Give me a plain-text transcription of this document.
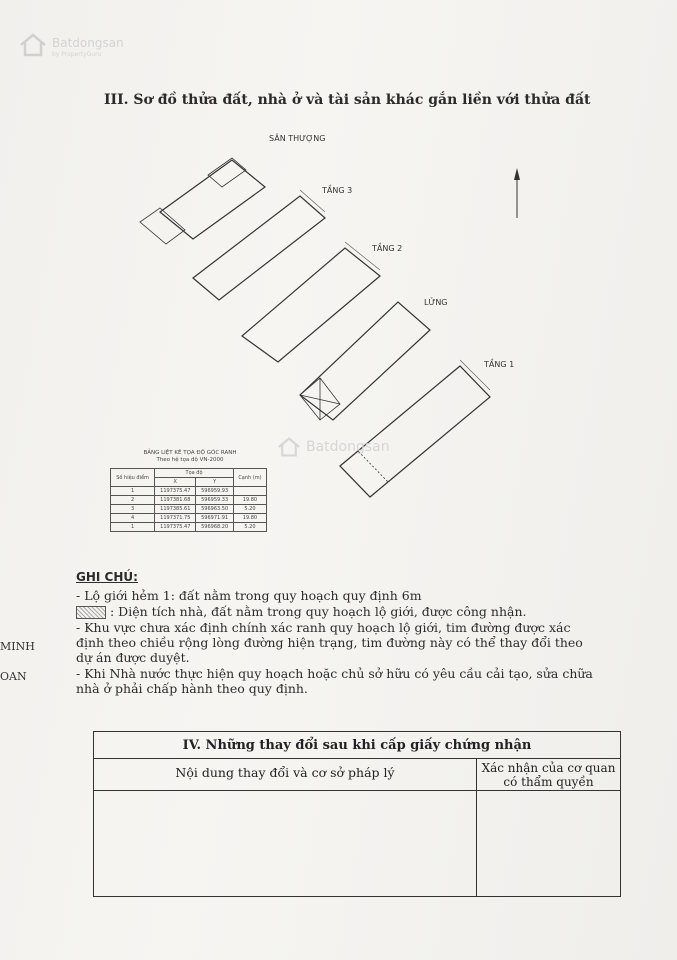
Batdongsan
by PropertyGuru
III. Sơ đồ thửa đất, nhà ở và tài sản khác gắn liền với thửa đất
SÂN THƯỢNG
TẦNG 3
TẦNG 2
LỬNG
TẦNG 1
Batdongsan
BẢNG LIỆT KÊ TỌA ĐỘ GÓC RANH
Theo hệ tọa độ VN-2000
Số hiệu điểm	Tọa độ		Cạnh (m)
	X	Y	
1	1197375.47	596959.93	
2	1197381.68	596959.33	19.80
3	1197385.61	596963.50	5.20
4	1197371.75	596971.91	19.80
1	1197375.47	596968.20	5.20
GHI CHÚ:
- Lộ giới hẻm 1: đất nằm trong quy hoạch quy định 6m
: Diện tích nhà, đất nằm trong quy hoạch lộ giới, được công nhận.
- Khu vực chưa xác định chính xác ranh quy hoạch lộ giới, tim đường được xác định theo chiều rộng lòng đường hiện trạng, tim đường này có thể thay đổi theo dự án được duyệt.
- Khi Nhà nước thực hiện quy hoạch hoặc chủ sở hữu có yêu cầu cải tạo, sửa chữa nhà ở phải chấp hành theo quy định.
IV. Những thay đổi sau khi cấp giấy chứng nhận	
Nội dung thay đổi và cơ sở pháp lý	Xác nhận của cơ quan có thẩm quyền

MINH
OAN
